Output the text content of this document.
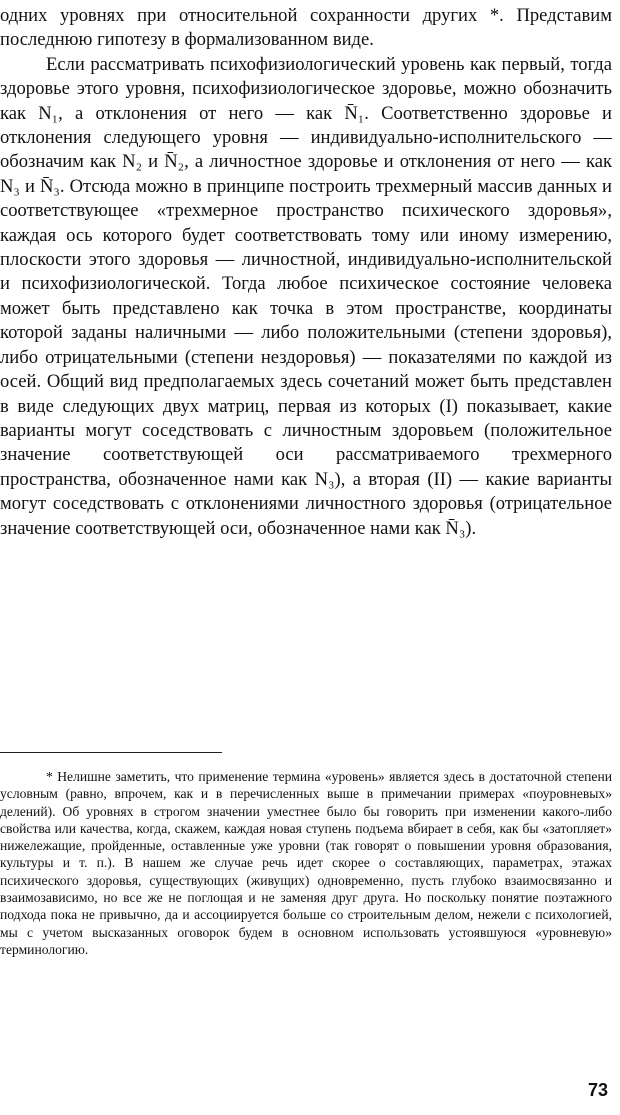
одних уровнях при относительной сохранности других *. Представим последнюю гипотезу в формализованном виде.

Если рассматривать психофизиологический уровень как первый, тогда здоровье этого уровня, психофизиологическое здоровье, можно обозначить как N₁, а отклонения от него — как N̄₁. Соответственно здоровье и отклонения следующего уровня — индивидуально-исполнительского — обозначим как N₂ и N̄₂, а личностное здоровье и отклонения от него — как N₃ и N̄₃. Отсюда можно в принципе построить трехмерный массив данных и соответствующее «трехмерное пространство психического здоровья», каждая ось которого будет соответствовать тому или иному измерению, плоскости этого здоровья — личностной, индивидуально-исполнительской и психофизиологической. Тогда любое психическое состояние человека может быть представлено как точка в этом пространстве, координаты которой заданы наличными — либо положительными (степени здоровья), либо отрицательными (степени нездоровья) — показателями по каждой из осей. Общий вид предполагаемых здесь сочетаний может быть представлен в виде следующих двух матриц, первая из которых (I) показывает, какие варианты могут соседствовать с личностным здоровьем (положительное значение соответствующей оси рассматриваемого трехмерного пространства, обозначенное нами как N₃), а вторая (II) — какие варианты могут соседствовать с отклонениями личностного здоровья (отрицательное значение соответствующей оси, обозначенное нами как N̄₃).

* Нелишне заметить, что применение термина «уровень» является здесь в достаточной степени условным (равно, впрочем, как и в перечисленных выше в примечании примерах «поуровневых» делений). Об уровнях в строгом значении уместнее было бы говорить при изменении какого-либо свойства или качества, когда, скажем, каждая новая ступень подъема вбирает в себя, как бы «затопляет» нижележащие, пройденные, оставленные уже уровни (так говорят о повышении уровня образования, культуры и т. п.). В нашем же случае речь идет скорее о составляющих, параметрах, этажах психического здоровья, существующих (живущих) одновременно, пусть глубоко взаимосвязанно и взаимозависимо, но все же не поглощая и не заменяя друг друга. Но поскольку понятие поэтажного подхода пока не привычно, да и ассоциируется больше со строительным делом, нежели с психологией, мы с учетом высказанных оговорок будем в основном использовать устоявшуюся «уровневую» терминологию.

73
